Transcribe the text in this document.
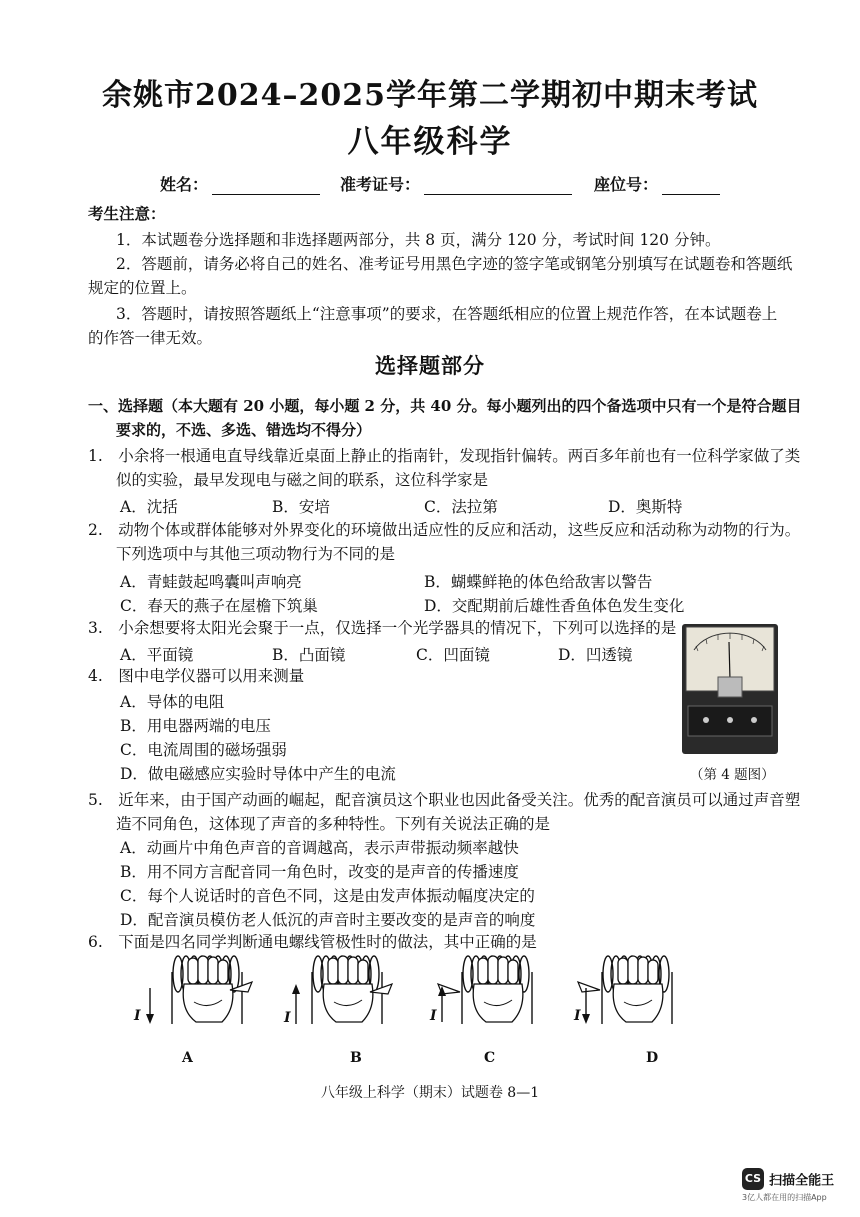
余姚市2024–2025学年第二学期初中期末考试
八年级科学
姓名：	准考证号：	座位号：
考生注意：
1．本试题卷分选择题和非选择题两部分，共 8 页，满分 120 分，考试时间 120 分钟。
2．答题前，请务必将自己的姓名、准考证号用黑色字迹的签字笔或钢笔分别填写在试题卷和答题纸
规定的位置上。
3．答题时，请按照答题纸上“注意事项”的要求，在答题纸相应的位置上规范作答，在本试题卷上
的作答一律无效。
选择题部分
一、选择题（本大题有 20 小题，每小题 2 分，共 40 分。每小题列出的四个备选项中只有一个是符合题目
要求的，不选、多选、错选均不得分）
1.　小余将一根通电直导线靠近桌面上静止的指南针，发现指针偏转。两百多年前也有一位科学家做了类
似的实验，最早发现电与磁之间的联系，这位科学家是
A．沈括	B．安培	C．法拉第	D．奥斯特
2.　动物个体或群体能够对外界变化的环境做出适应性的反应和活动，这些反应和活动称为动物的行为。
下列选项中与其他三项动物行为不同的是
A．青蛙鼓起鸣囊叫声响亮	B．蝴蝶鲜艳的体色给敌害以警告
C．春天的燕子在屋檐下筑巢	D．交配期前后雄性香鱼体色发生变化
3.　小余想要将太阳光会聚于一点，仅选择一个光学器具的情况下，下列可以选择的是
A．平面镜	B．凸面镜	C．凹面镜	D．凹透镜
4.　图中电学仪器可以用来测量
A．导体的电阻
B．用电器两端的电压
C．电流周围的磁场强弱
D．做电磁感应实验时导体中产生的电流	（第 4 题图）
5.　近年来，由于国产动画的崛起，配音演员这个职业也因此备受关注。优秀的配音演员可以通过声音塑
造不同角色，这体现了声音的多种特性。下列有关说法正确的是
A．动画片中角色声音的音调越高，表示声带振动频率越快
B．用不同方言配音同一角色时，改变的是声音的传播速度
C．每个人说话时的音色不同，这是由发声体振动幅度决定的
D．配音演员模仿老人低沉的声音时主要改变的是声音的响度
6.　下面是四名同学判断通电螺线管极性时的做法，其中正确的是
I	I	I	I
A	B	C	D
八年级上科学（期末）试题卷 8—1
CS 扫描全能王
3亿人都在用的扫描App
